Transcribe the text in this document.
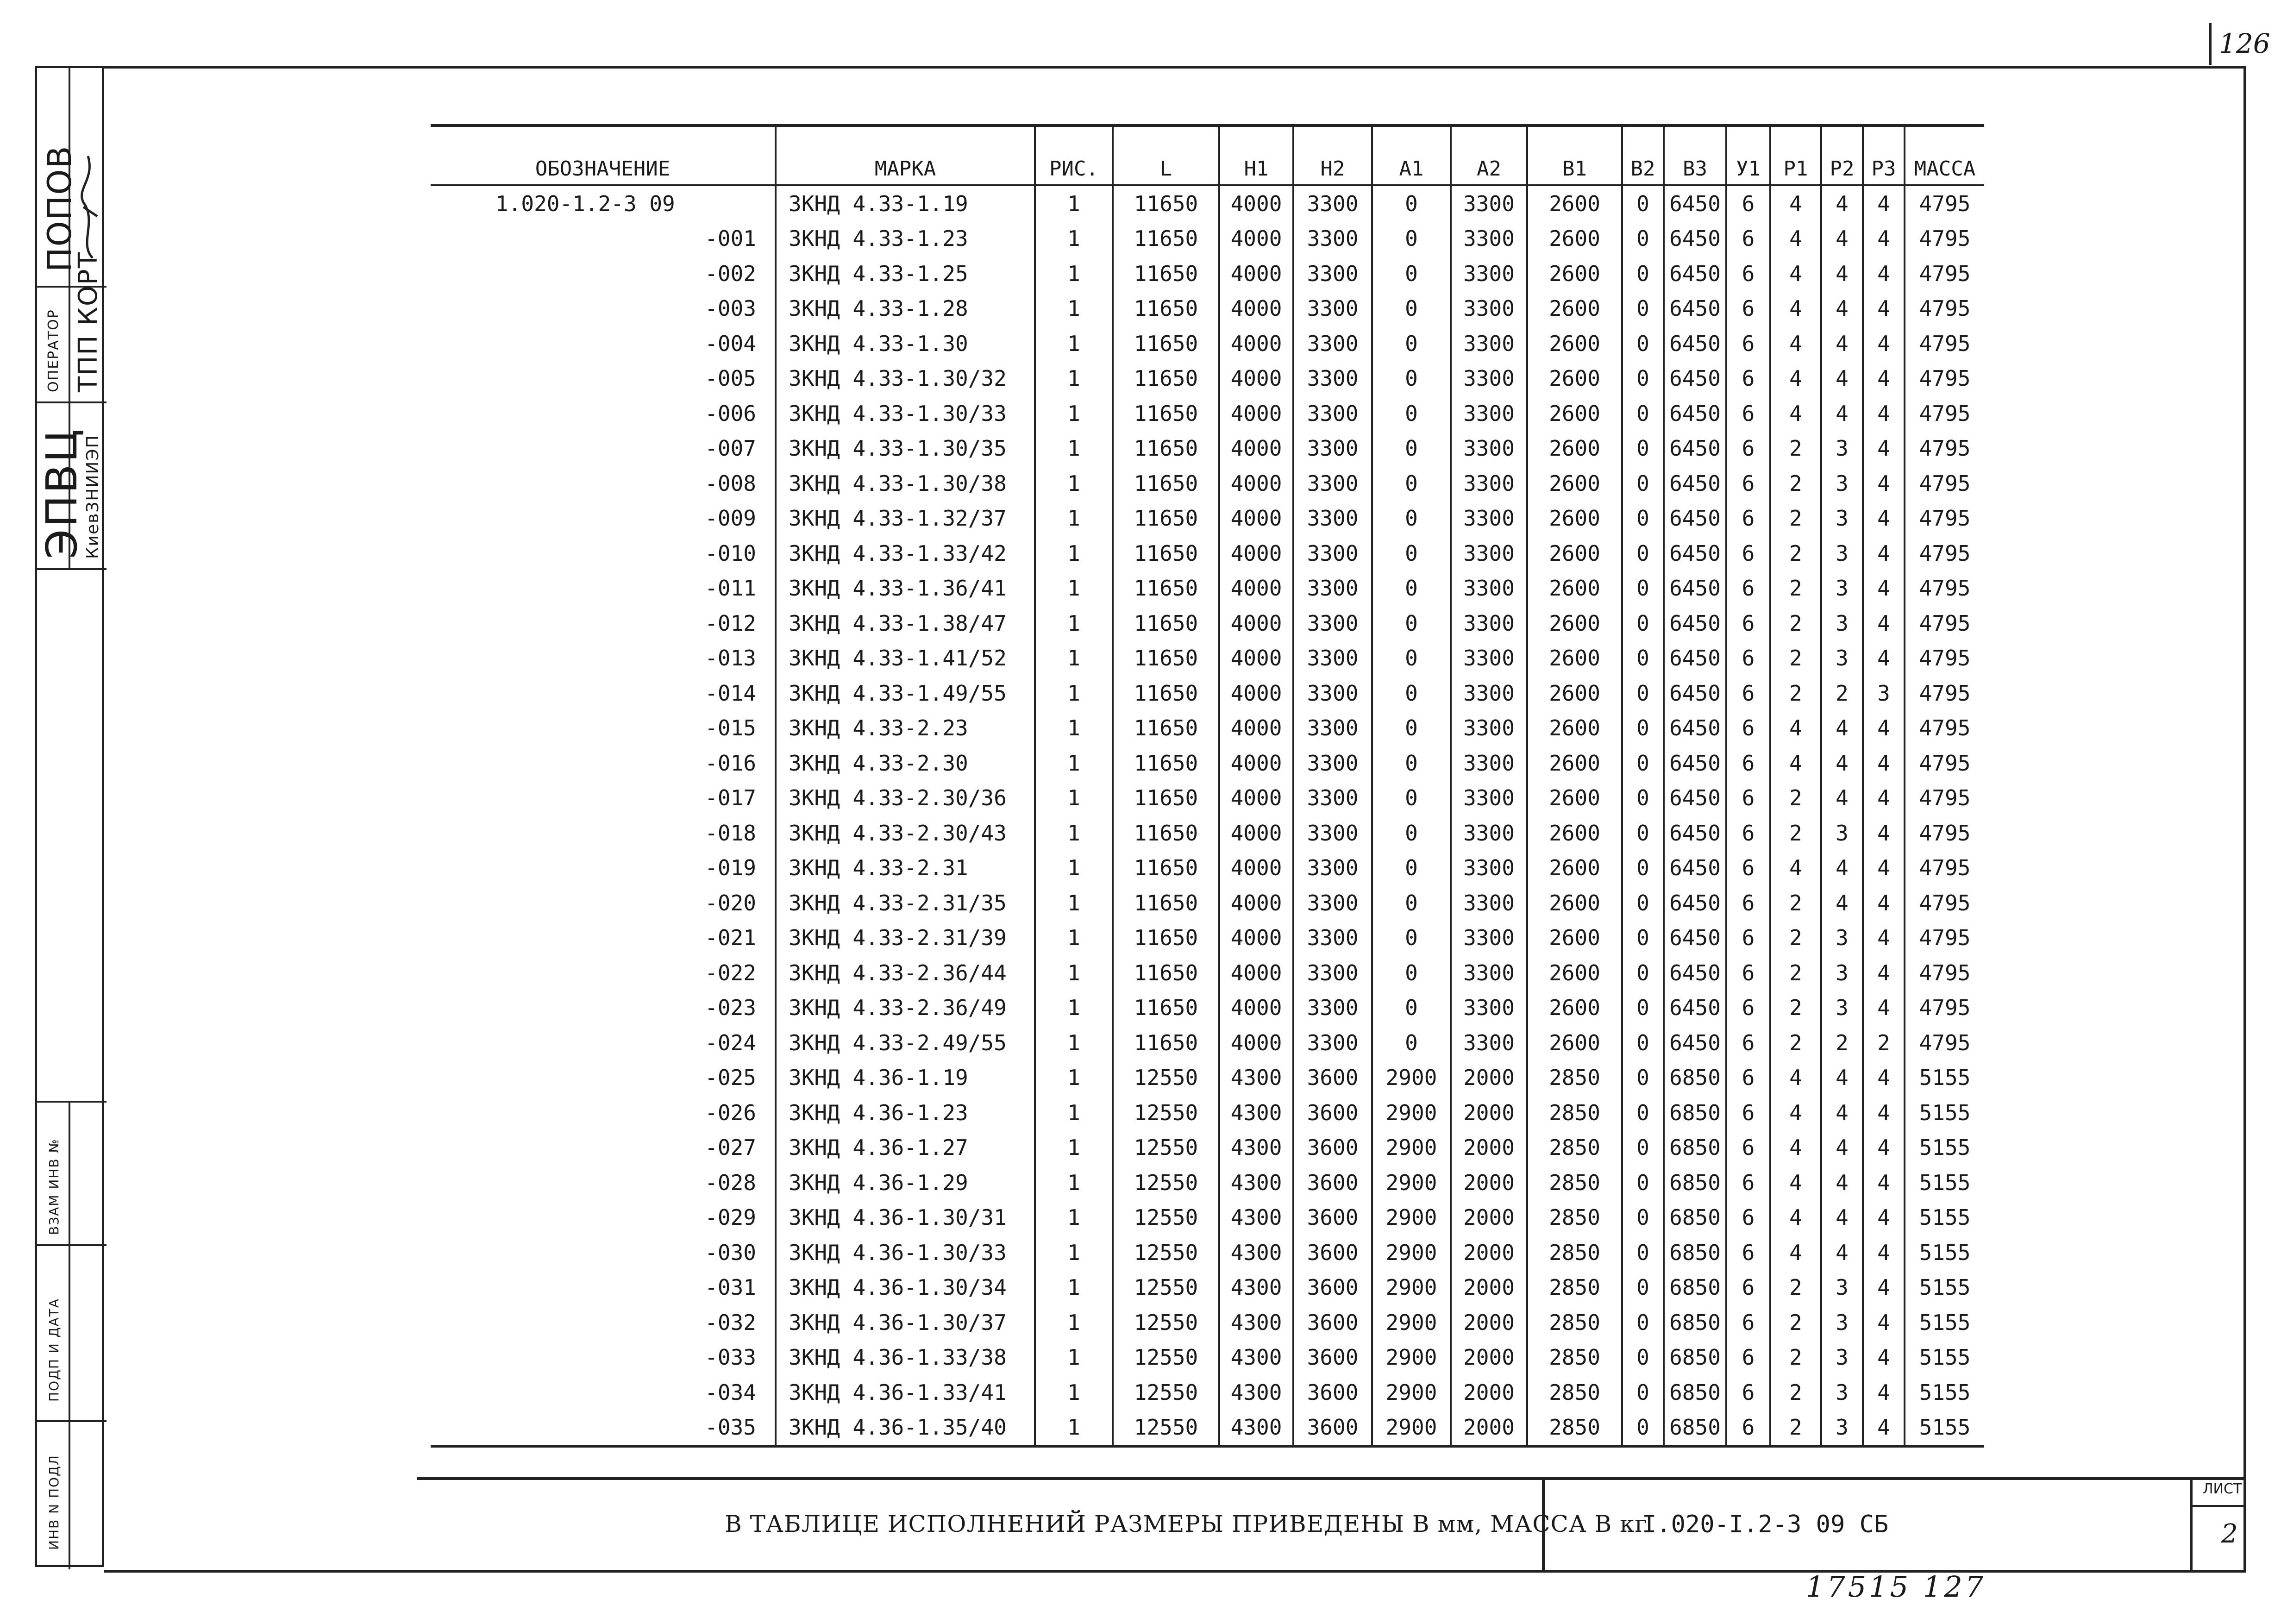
126
ПОПОВ
ОПЕРАТОР ТПП КОРТ
ЭПВЦ
КиевЗНИИЭП
ВЗАМ ИНВ №
ПОДП И ДАТА
ИНВ N ПОДЛ
ОБОЗНАЧЕНИЕ	МАРКА	РИС.	L	H1	H2	A1	A2	B1	B2	B3	У1	P1	P2	P3	МАССА
1.020-1.2-3 09	ЗКНД 4.33-1.19	1	11650	4000	3300	0	3300	2600	0	6450	6	4	4	4	4795
-001	ЗКНД 4.33-1.23	1	11650	4000	3300	0	3300	2600	0	6450	6	4	4	4	4795
-002	ЗКНД 4.33-1.25	1	11650	4000	3300	0	3300	2600	0	6450	6	4	4	4	4795
-003	ЗКНД 4.33-1.28	1	11650	4000	3300	0	3300	2600	0	6450	6	4	4	4	4795
-004	ЗКНД 4.33-1.30	1	11650	4000	3300	0	3300	2600	0	6450	6	4	4	4	4795
-005	ЗКНД 4.33-1.30/32	1	11650	4000	3300	0	3300	2600	0	6450	6	4	4	4	4795
-006	ЗКНД 4.33-1.30/33	1	11650	4000	3300	0	3300	2600	0	6450	6	4	4	4	4795
-007	ЗКНД 4.33-1.30/35	1	11650	4000	3300	0	3300	2600	0	6450	6	2	3	4	4795
-008	ЗКНД 4.33-1.30/38	1	11650	4000	3300	0	3300	2600	0	6450	6	2	3	4	4795
-009	ЗКНД 4.33-1.32/37	1	11650	4000	3300	0	3300	2600	0	6450	6	2	3	4	4795
-010	ЗКНД 4.33-1.33/42	1	11650	4000	3300	0	3300	2600	0	6450	6	2	3	4	4795
-011	ЗКНД 4.33-1.36/41	1	11650	4000	3300	0	3300	2600	0	6450	6	2	3	4	4795
-012	ЗКНД 4.33-1.38/47	1	11650	4000	3300	0	3300	2600	0	6450	6	2	3	4	4795
-013	ЗКНД 4.33-1.41/52	1	11650	4000	3300	0	3300	2600	0	6450	6	2	3	4	4795
-014	ЗКНД 4.33-1.49/55	1	11650	4000	3300	0	3300	2600	0	6450	6	2	2	3	4795
-015	ЗКНД 4.33-2.23	1	11650	4000	3300	0	3300	2600	0	6450	6	4	4	4	4795
-016	ЗКНД 4.33-2.30	1	11650	4000	3300	0	3300	2600	0	6450	6	4	4	4	4795
-017	ЗКНД 4.33-2.30/36	1	11650	4000	3300	0	3300	2600	0	6450	6	2	4	4	4795
-018	ЗКНД 4.33-2.30/43	1	11650	4000	3300	0	3300	2600	0	6450	6	2	3	4	4795
-019	ЗКНД 4.33-2.31	1	11650	4000	3300	0	3300	2600	0	6450	6	4	4	4	4795
-020	ЗКНД 4.33-2.31/35	1	11650	4000	3300	0	3300	2600	0	6450	6	2	4	4	4795
-021	ЗКНД 4.33-2.31/39	1	11650	4000	3300	0	3300	2600	0	6450	6	2	3	4	4795
-022	ЗКНД 4.33-2.36/44	1	11650	4000	3300	0	3300	2600	0	6450	6	2	3	4	4795
-023	ЗКНД 4.33-2.36/49	1	11650	4000	3300	0	3300	2600	0	6450	6	2	3	4	4795
-024	ЗКНД 4.33-2.49/55	1	11650	4000	3300	0	3300	2600	0	6450	6	2	2	2	4795
-025	ЗКНД 4.36-1.19	1	12550	4300	3600	2900	2000	2850	0	6850	6	4	4	4	5155
-026	ЗКНД 4.36-1.23	1	12550	4300	3600	2900	2000	2850	0	6850	6	4	4	4	5155
-027	ЗКНД 4.36-1.27	1	12550	4300	3600	2900	2000	2850	0	6850	6	4	4	4	5155
-028	ЗКНД 4.36-1.29	1	12550	4300	3600	2900	2000	2850	0	6850	6	4	4	4	5155
-029	ЗКНД 4.36-1.30/31	1	12550	4300	3600	2900	2000	2850	0	6850	6	4	4	4	5155
-030	ЗКНД 4.36-1.30/33	1	12550	4300	3600	2900	2000	2850	0	6850	6	4	4	4	5155
-031	ЗКНД 4.36-1.30/34	1	12550	4300	3600	2900	2000	2850	0	6850	6	2	3	4	5155
-032	ЗКНД 4.36-1.30/37	1	12550	4300	3600	2900	2000	2850	0	6850	6	2	3	4	5155
-033	ЗКНД 4.36-1.33/38	1	12550	4300	3600	2900	2000	2850	0	6850	6	2	3	4	5155
-034	ЗКНД 4.36-1.33/41	1	12550	4300	3600	2900	2000	2850	0	6850	6	2	3	4	5155
-035	ЗКНД 4.36-1.35/40	1	12550	4300	3600	2900	2000	2850	0	6850	6	2	3	4	5155
В ТАБЛИЦЕ ИСПОЛНЕНИЙ РАЗМЕРЫ ПРИВЕДЕНЫ В мм, МАССА В кг
I.020-I.2-3 09 СБ
ЛИСТ
2
17515 127
